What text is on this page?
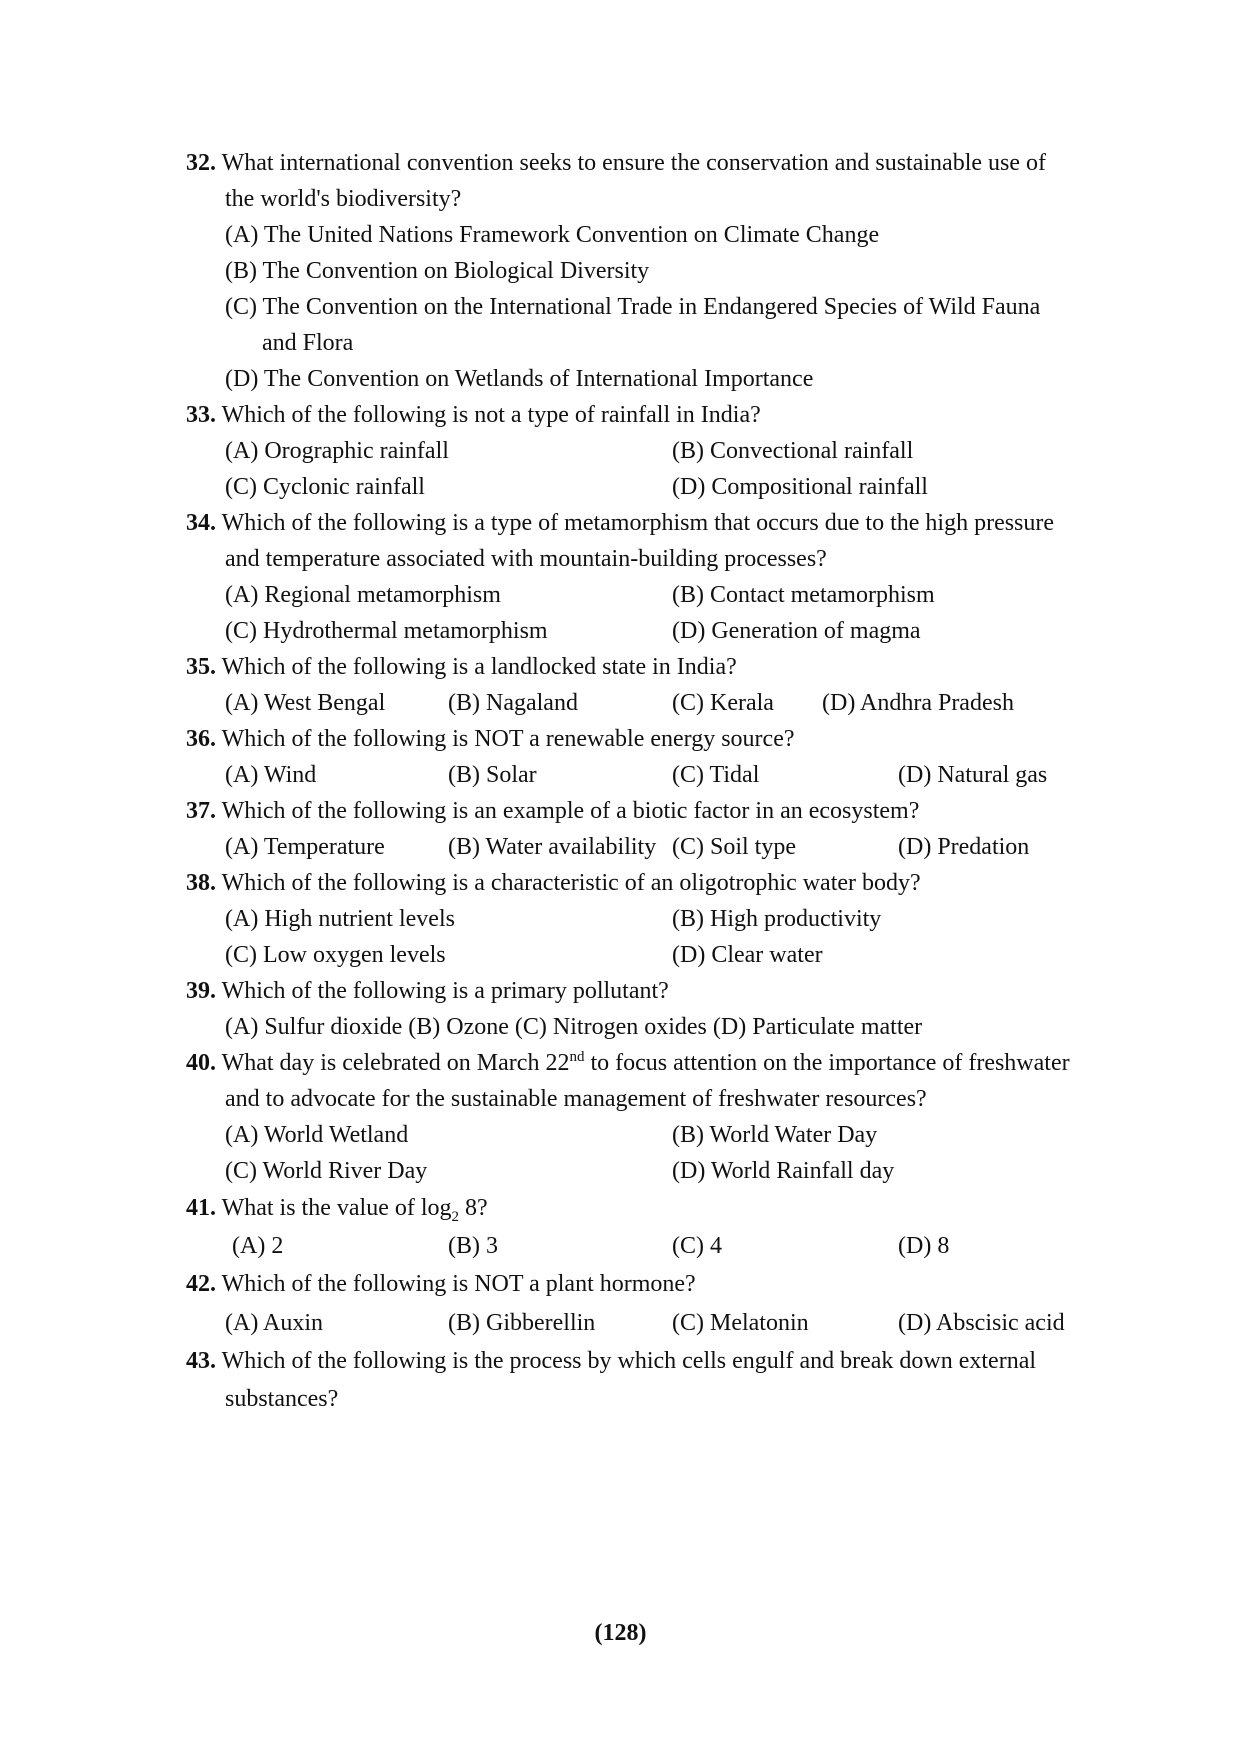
32. What international convention seeks to ensure the conservation and sustainable use of
the world's biodiversity?
(A) The United Nations Framework Convention on Climate Change
(B) The Convention on Biological Diversity
(C) The Convention on the International Trade in Endangered Species of Wild Fauna
and Flora
(D) The Convention on Wetlands of International Importance
33. Which of the following is not a type of rainfall in India?
(A) Orographic rainfall	(B) Convectional rainfall
(C) Cyclonic rainfall	(D) Compositional rainfall
34. Which of the following is a type of metamorphism that occurs due to the high pressure
and temperature associated with mountain-building processes?
(A) Regional metamorphism	(B) Contact metamorphism
(C) Hydrothermal metamorphism	(D) Generation of magma
35. Which of the following is a landlocked state in India?
(A) West Bengal	(B) Nagaland	(C) Kerala (D) Andhra Pradesh
36. Which of the following is NOT a renewable energy source?
(A) Wind	(B) Solar	(C) Tidal	(D) Natural gas
37. Which of the following is an example of a biotic factor in an ecosystem?
(A) Temperature	(B) Water availability (C) Soil type	(D) Predation
38. Which of the following is a characteristic of an oligotrophic water body?
(A) High nutrient levels	(B) High productivity
(C) Low oxygen levels	(D) Clear water
39. Which of the following is a primary pollutant?
(A) Sulfur dioxide (B) Ozone (C) Nitrogen oxides (D) Particulate matter
40. What day is celebrated on March 22nd to focus attention on the importance of freshwater
and to advocate for the sustainable management of freshwater resources?
(A) World Wetland	(B) World Water Day
(C) World River Day	(D) World Rainfall day
41. What is the value of $\log_2 8$?
(A) 2	(B) 3	(C) 4	(D) 8
42. Which of the following is NOT a plant hormone?
(A) Auxin	(B) Gibberellin	(C) Melatonin	(D) Abscisic acid
43. Which of the following is the process by which cells engulf and break down external
substances?
(128)
